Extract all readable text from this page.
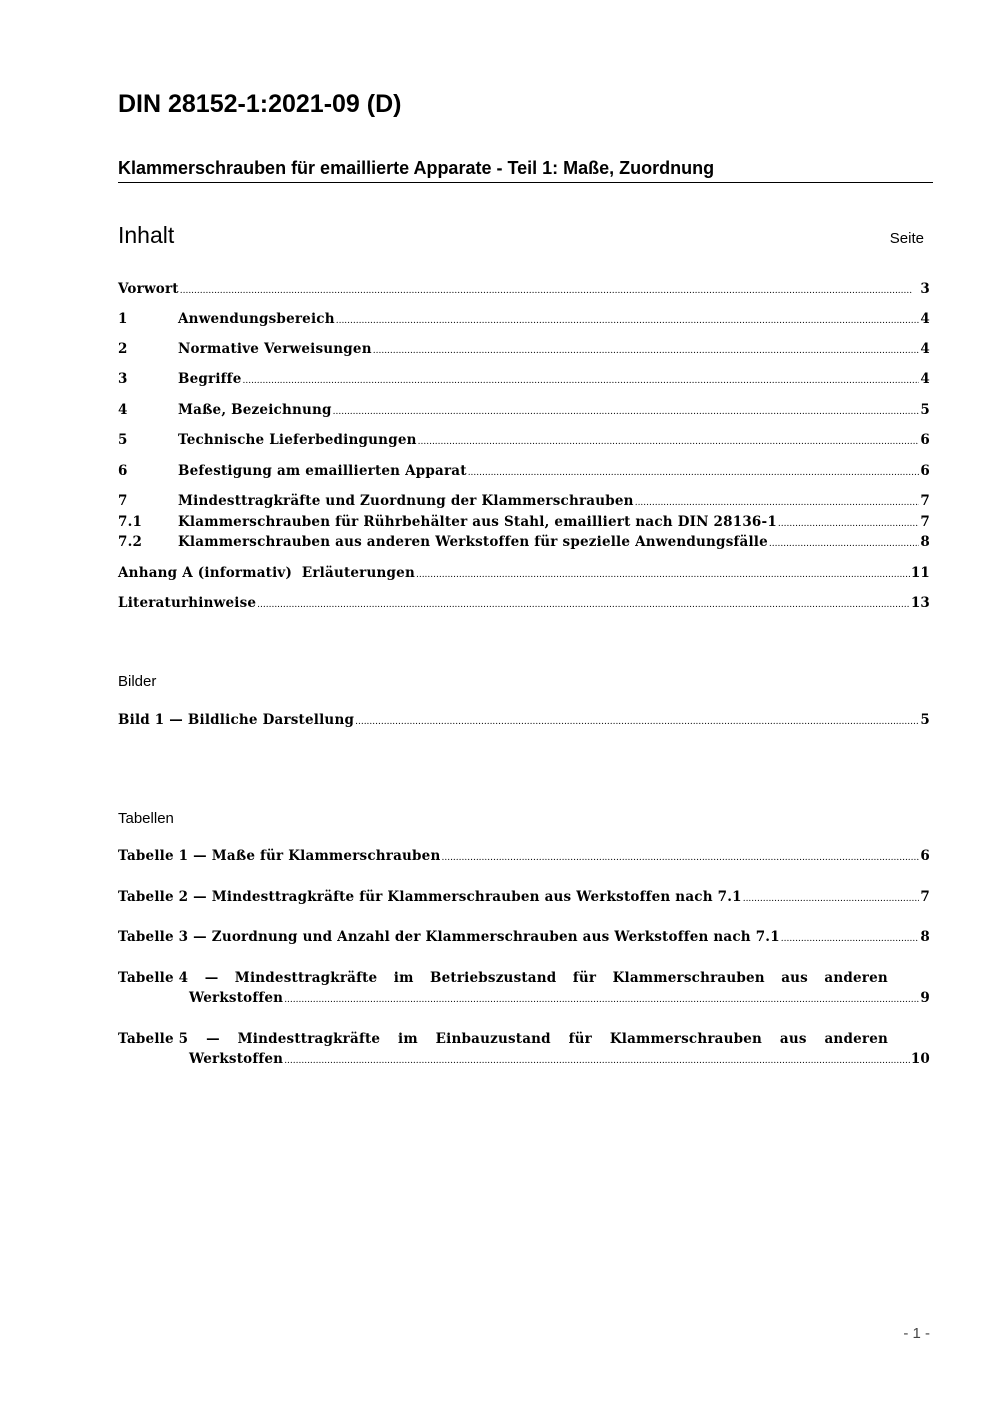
DIN 28152-1:2021-09 (D)
Klammerschrauben für emaillierte Apparate - Teil 1: Maße, Zuordnung
Inhalt	Seite
Vorwort .....	3
1	Anwendungsbereich .....	4
2	Normative Verweisungen .....	4
3	Begriffe .....	4
4	Maße, Bezeichnung .....	5
5	Technische Lieferbedingungen .....	6
6	Befestigung am emaillierten Apparat .....	6
7	Mindesttragkräfte und Zuordnung der Klammerschrauben .....	7
7.1	Klammerschrauben für Rührbehälter aus Stahl, emailliert nach DIN 28136-1 .....	7
7.2	Klammerschrauben aus anderen Werkstoffen für spezielle Anwendungsfälle .....	8
Anhang A (informativ)  Erläuterungen .....	11
Literaturhinweise .....	13
Bilder
Bild 1 — Bildliche Darstellung .....	5
Tabellen
Tabelle 1 — Maße für Klammerschrauben .....	6
Tabelle 2 — Mindesttragkräfte für Klammerschrauben aus Werkstoffen nach 7.1 .....	7
Tabelle 3 — Zuordnung und Anzahl der Klammerschrauben aus Werkstoffen nach 7.1 .....	8
Tabelle 4 — Mindesttragkräfte im Betriebszustand für Klammerschrauben aus anderen
Werkstoffen .....	9
Tabelle 5 — Mindesttragkräfte im Einbauzustand für Klammerschrauben aus anderen
Werkstoffen .....	10
- 1 -
